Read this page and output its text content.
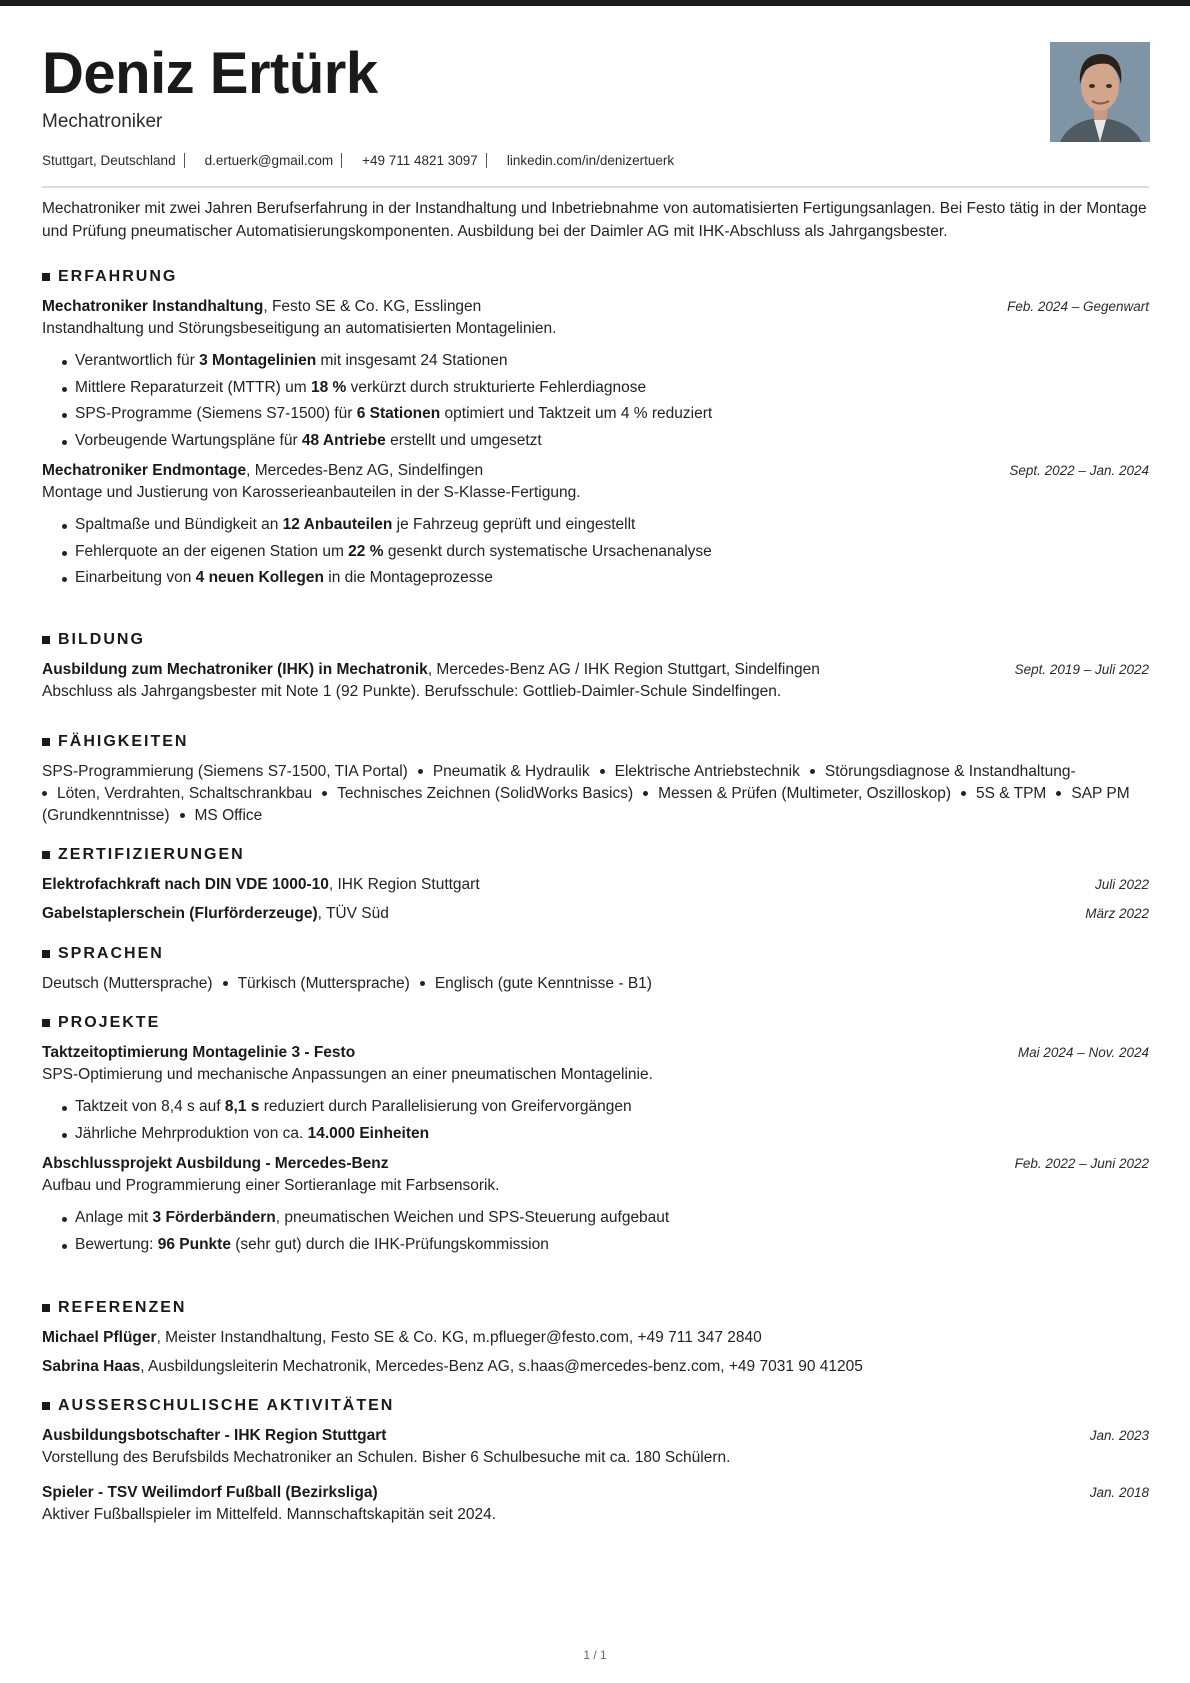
Deniz Ertürk
Mechatroniker
Stuttgart, Deutschland d.ertuerk@gmail.com +49 711 4821 3097 linkedin.com/in/denizertuerk

Mechatroniker mit zwei Jahren Berufserfahrung in der Instandhaltung und Inbetriebnahme von automatisierten Fertigungsanlagen. Bei Festo tätig in der Montage und Prüfung pneumatischer Automatisierungskomponenten. Ausbildung bei der Daimler AG mit IHK-Abschluss als Jahrgangsbester.

ERFAHRUNG
Mechatroniker Instandhaltung, Festo SE & Co. KG, Esslingen	Feb. 2024 – Gegenwart
Instandhaltung und Störungsbeseitigung an automatisierten Montagelinien.
Verantwortlich für 3 Montagelinien mit insgesamt 24 Stationen
Mittlere Reparaturzeit (MTTR) um 18 % verkürzt durch strukturierte Fehlerdiagnose
SPS-Programme (Siemens S7-1500) für 6 Stationen optimiert und Taktzeit um 4 % reduziert
Vorbeugende Wartungspläne für 48 Antriebe erstellt und umgesetzt
Mechatroniker Endmontage, Mercedes-Benz AG, Sindelfingen	Sept. 2022 – Jan. 2024
Montage und Justierung von Karosserieanbauteilen in der S-Klasse-Fertigung.
Spaltmaße und Bündigkeit an 12 Anbauteilen je Fahrzeug geprüft und eingestellt
Fehlerquote an der eigenen Station um 22 % gesenkt durch systematische Ursachenanalyse
Einarbeitung von 4 neuen Kollegen in die Montageprozesse
BILDUNG
Ausbildung zum Mechatroniker (IHK) in Mechatronik, Mercedes-Benz AG / IHK Region Stuttgart, Sindelfingen	Sept. 2019 – Juli 2022
Abschluss als Jahrgangsbester mit Note 1 (92 Punkte). Berufsschule: Gottlieb-Daimler-Schule Sindelfingen.
FÄHIGKEITEN
SPS-Programmierung (Siemens S7-1500, TIA Portal) Pneumatik & Hydraulik Elektrische Antriebstechnik Störungsdiagnose & Instandhaltung-
Löten, Verdrahten, Schaltschrankbau Technisches Zeichnen (SolidWorks Basics) Messen & Prüfen (Multimeter, Oszilloskop) 5S & TPM SAP PM (Grundkenntnisse) MS Office
ZERTIFIZIERUNGEN
Elektrofachkraft nach DIN VDE 1000-10, IHK Region Stuttgart	Juli 2022
Gabelstaplerschein (Flurförderzeuge), TÜV Süd	März 2022
SPRACHEN
Deutsch (Muttersprache) Türkisch (Muttersprache) Englisch (gute Kenntnisse - B1)
PROJEKTE
Taktzeitoptimierung Montagelinie 3 - Festo	Mai 2024 – Nov. 2024
SPS-Optimierung und mechanische Anpassungen an einer pneumatischen Montagelinie.
Taktzeit von 8,4 s auf 8,1 s reduziert durch Parallelisierung von Greifervorgängen
Jährliche Mehrproduktion von ca. 14.000 Einheiten
Abschlussprojekt Ausbildung - Mercedes-Benz	Feb. 2022 – Juni 2022
Aufbau und Programmierung einer Sortieranlage mit Farbsensorik.
Anlage mit 3 Förderbändern, pneumatischen Weichen und SPS-Steuerung aufgebaut
Bewertung: 96 Punkte (sehr gut) durch die IHK-Prüfungskommission
REFERENZEN
Michael Pflüger, Meister Instandhaltung, Festo SE & Co. KG, m.pflueger@festo.com, +49 711 347 2840
Sabrina Haas, Ausbildungsleiterin Mechatronik, Mercedes-Benz AG, s.haas@mercedes-benz.com, +49 7031 90 41205
AUSSERSCHULISCHE AKTIVITÄTEN
Ausbildungsbotschafter - IHK Region Stuttgart	Jan. 2023
Vorstellung des Berufsbilds Mechatroniker an Schulen. Bisher 6 Schulbesuche mit ca. 180 Schülern.
Spieler - TSV Weilimdorf Fußball (Bezirksliga)	Jan. 2018
Aktiver Fußballspieler im Mittelfeld. Mannschaftskapitän seit 2024.
1 / 1
